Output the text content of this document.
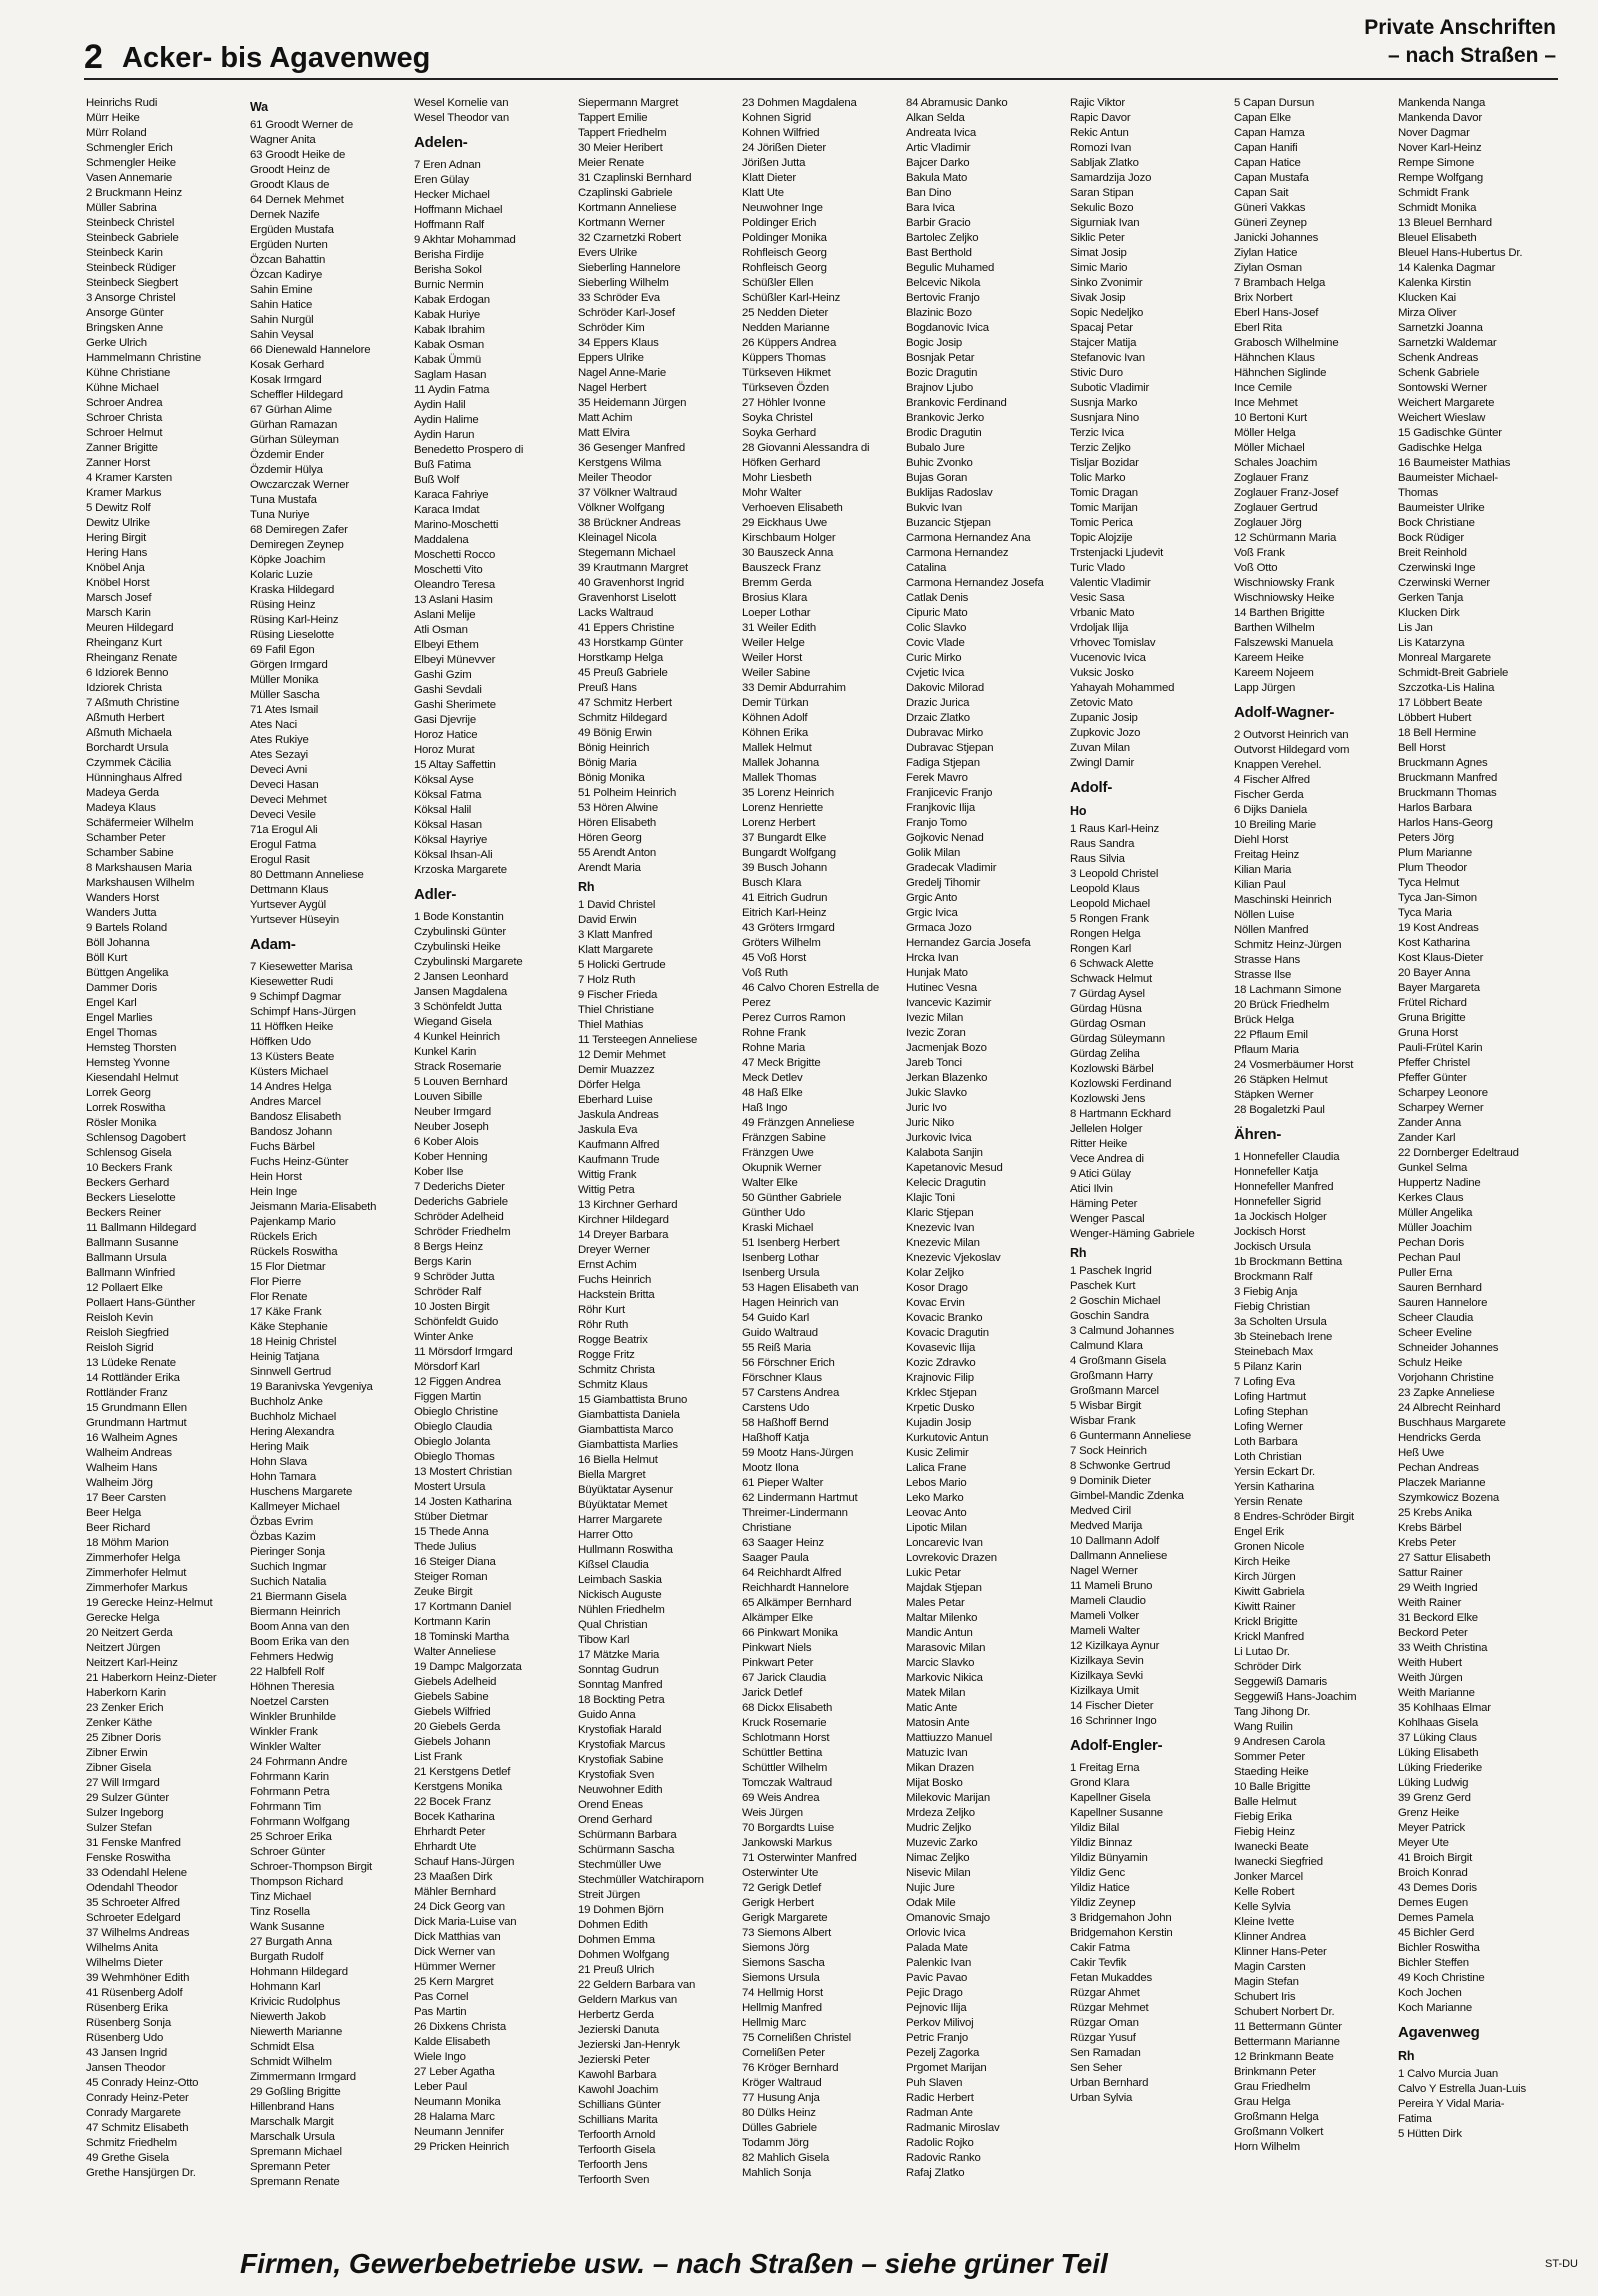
2 Acker- bis Agavenweg
Private Anschriften
– nach Straßen –
Heinrichs Rudi
Mürr Heike
Mürr Roland
Schmengler Erich
Schmengler Heike
Vasen Annemarie
2 Bruckmann Heinz
Müller Sabrina
Steinbeck Christel
Steinbeck Gabriele
Steinbeck Karin
Steinbeck Rüdiger
Steinbeck Siegbert
3 Ansorge Christel
Ansorge Günter
Bringsken Anne
Gerke Ulrich
Hammelmann Christine
Kühne Christiane
Kühne Michael
Schroer Andrea
Schroer Christa
Schroer Helmut
Zanner Brigitte
Zanner Horst
4 Kramer Karsten
Kramer Markus
5 Dewitz Rolf
Dewitz Ulrike
Hering Birgit
Hering Hans
Knöbel Anja
Knöbel Horst
Marsch Josef
Marsch Karin
Meuren Hildegard
Rheinganz Kurt
Rheinganz Renate
6 Idziorek Benno
Idziorek Christa
7 Aßmuth Christine
Aßmuth Herbert
Aßmuth Michaela
Borchardt Ursula
Czymmek Cäcilia
Hünninghaus Alfred
Madeya Gerda
Madeya Klaus
Schäfermeier Wilhelm
Schamber Peter
Schamber Sabine
8 Markshausen Maria
Markshausen Wilhelm
Wanders Horst
Wanders Jutta
9 Bartels Roland
Böll Johanna
Böll Kurt
Büttgen Angelika
Dammer Doris
Engel Karl
Engel Marlies
Engel Thomas
Hemsteg Thorsten
Hemsteg Yvonne
Kiesendahl Helmut
Lorrek Georg
Lorrek Roswitha
Rösler Monika
Schlensog Dagobert
Schlensog Gisela
10 Beckers Frank
Beckers Gerhard
Beckers Lieselotte
Beckers Reiner
11 Ballmann Hildegard
Ballmann Susanne
Ballmann Ursula
Ballmann Winfried
12 Pollaert Elke
Pollaert Hans-Günther
Reisloh Kevin
Reisloh Siegfried
Reisloh Sigrid
13 Lüdeke Renate
14 Rottländer Erika
Rottländer Franz
15 Grundmann Ellen
Grundmann Hartmut
16 Walheim Agnes
Walheim Andreas
Walheim Hans
Walheim Jörg
17 Beer Carsten
Beer Helga
Beer Richard
18 Möhm Marion
Zimmerhofer Helga
Zimmerhofer Helmut
Zimmerhofer Markus
19 Gerecke Heinz-Helmut
Gerecke Helga
20 Neitzert Gerda
Neitzert Jürgen
Neitzert Karl-Heinz
21 Haberkorn Heinz-Dieter
Haberkorn Karin
23 Zenker Erich
Zenker Käthe
25 Zibner Doris
Zibner Erwin
Zibner Gisela
27 Will Irmgard
29 Sulzer Günter
Sulzer Ingeborg
Sulzer Stefan
31 Fenske Manfred
Fenske Roswitha
33 Odendahl Helene
Odendahl Theodor
35 Schroeter Alfred
Schroeter Edelgard
37 Wilhelms Andreas
Wilhelms Anita
Wilhelms Dieter
39 Wehmhöner Edith
41 Rüsenberg Adolf
Rüsenberg Erika
Rüsenberg Sonja
Rüsenberg Udo
43 Jansen Ingrid
Jansen Theodor
45 Conrady Heinz-Otto
Conrady Heinz-Peter
Conrady Margarete
47 Schmitz Elisabeth
Schmitz Friedhelm
49 Grethe Gisela
Grethe Hansjürgen Dr.
Wa
61 Groodt Werner de
Wagner Anita
63 Groodt Heike de
Groodt Heinz de
Groodt Klaus de
64 Dernek Mehmet
Dernek Nazife
Ergüden Mustafa
Ergüden Nurten
Özcan Bahattin
Özcan Kadirye
Sahin Emine
Sahin Hatice
Sahin Nurgül
Sahin Veysal
66 Dienewald Hannelore
Kosak Gerhard
Kosak Irmgard
Scheffler Hildegard
67 Gürhan Alime
Gürhan Ramazan
Gürhan Süleyman
Özdemir Ender
Özdemir Hülya
Owczarczak Werner
Tuna Mustafa
Tuna Nuriye
68 Demiregen Zafer
Demiregen Zeynep
Köpke Joachim
Kolaric Luzie
Kraska Hildegard
Rüsing Heinz
Rüsing Karl-Heinz
Rüsing Lieselotte
69 Fafil Egon
Görgen Irmgard
Müller Monika
Müller Sascha
71 Ates Ismail
Ates Naci
Ates Rukiye
Ates Sezayi
Deveci Avni
Deveci Hasan
Deveci Mehmet
Deveci Vesile
71a Erogul Ali
Erogul Fatma
Erogul Rasit
80 Dettmann Anneliese
Dettmann Klaus
Yurtsever Aygül
Yurtsever Hüseyin
Adam-
7 Kiesewetter Marisa
Kiesewetter Rudi
9 Schimpf Dagmar
Schimpf Hans-Jürgen
11 Höffken Heike
Höffken Udo
13 Küsters Beate
Küsters Michael
14 Andres Helga
Andres Marcel
Bandosz Elisabeth
Bandosz Johann
Fuchs Bärbel
Fuchs Heinz-Günter
Hein Horst
Hein Inge
Jeismann Maria-Elisabeth
Pajenkamp Mario
Rückels Erich
Rückels Roswitha
15 Flor Dietmar
Flor Pierre
Flor Renate
17 Käke Frank
Käke Stephanie
18 Heinig Christel
Heinig Tatjana
Sinnwell Gertrud
19 Baranivska Yevgeniya
Buchholz Anke
Buchholz Michael
Hering Alexandra
Hering Maik
Hohn Slava
Hohn Tamara
Huschens Margarete
Kallmeyer Michael
Özbas Evrim
Özbas Kazim
Pieringer Sonja
Suchich Ingmar
Suchich Natalia
21 Biermann Gisela
Biermann Heinrich
Boom Anna van den
Boom Erika van den
Fehmers Hedwig
22 Halbfell Rolf
Höhnen Theresia
Noetzel Carsten
Winkler Brunhilde
Winkler Frank
Winkler Walter
24 Fohrmann Andre
Fohrmann Karin
Fohrmann Petra
Fohrmann Tim
Fohrmann Wolfgang
25 Schroer Erika
Schroer Günter
Schroer-Thompson Birgit
Thompson Richard
Tinz Michael
Tinz Rosella
Wank Susanne
27 Burgath Anna
Burgath Rudolf
Hohmann Hildegard
Hohmann Karl
Krivicic Rudolphus
Niewerth Jakob
Niewerth Marianne
Schmidt Elsa
Schmidt Wilhelm
Zimmermann Irmgard
29 Goßling Brigitte
Hillenbrand Hans
Marschalk Margit
Marschalk Ursula
Spremann Michael
Spremann Peter
Spremann Renate
Wesel Kornelie van
Wesel Theodor van
Adelen-
7 Eren Adnan
Eren Gülay
Hecker Michael
Hoffmann Michael
Hoffmann Ralf
9 Akhtar Mohammad
Berisha Firdije
Berisha Sokol
Burnic Nermin
Kabak Erdogan
Kabak Huriye
Kabak Ibrahim
Kabak Osman
Kabak Ümmü
Saglam Hasan
11 Aydin Fatma
Aydin Halil
Aydin Halime
Aydin Harun
Benedetto Prospero di
Buß Fatima
Buß Wolf
Karaca Fahriye
Karaca Imdat
Marino-Moschetti
Maddalena
Moschetti Rocco
Moschetti Vito
Oleandro Teresa
13 Aslani Hasim
Aslani Melije
Atli Osman
Elbeyi Ethem
Elbeyi Münevver
Gashi Gzim
Gashi Sevdali
Gashi Sherimete
Gasi Djevrije
Horoz Hatice
Horoz Murat
15 Altay Saffettin
Köksal Ayse
Köksal Fatma
Köksal Halil
Köksal Hasan
Köksal Hayriye
Köksal Ihsan-Ali
Krzoska Margarete
Adler-
1 Bode Konstantin
Czybulinski Günter
Czybulinski Heike
Czybulinski Margarete
2 Jansen Leonhard
Jansen Magdalena
3 Schönfeldt Jutta
Wiegand Gisela
4 Kunkel Heinrich
Kunkel Karin
Strack Rosemarie
5 Louven Bernhard
Louven Sibille
Neuber Irmgard
Neuber Joseph
6 Kober Alois
Kober Henning
Kober Ilse
7 Dederichs Dieter
Dederichs Gabriele
Schröder Adelheid
Schröder Friedhelm
8 Bergs Heinz
Bergs Karin
9 Schröder Jutta
Schröder Ralf
10 Josten Birgit
Schönfeldt Guido
Winter Anke
11 Mörsdorf Irmgard
Mörsdorf Karl
12 Figgen Andrea
Figgen Martin
Obieglo Christine
Obieglo Claudia
Obieglo Jolanta
Obieglo Thomas
13 Mostert Christian
Mostert Ursula
14 Josten Katharina
Stüber Dietmar
15 Thede Anna
Thede Julius
16 Steiger Diana
Steiger Roman
Zeuke Birgit
17 Kortmann Daniel
Kortmann Karin
18 Tominski Martha
Walter Anneliese
19 Dampc Malgorzata
Giebels Adelheid
Giebels Sabine
Giebels Wilfried
20 Giebels Gerda
Giebels Johann
List Frank
21 Kerstgens Detlef
Kerstgens Monika
22 Bocek Franz
Bocek Katharina
Ehrhardt Peter
Ehrhardt Ute
Schauf Hans-Jürgen
23 Maaßen Dirk
Mähler Bernhard
24 Dick Georg van
Dick Maria-Luise van
Dick Matthias van
Dick Werner van
Hümmer Werner
25 Kern Margret
Pas Cornel
Pas Martin
26 Dixkens Christa
Kalde Elisabeth
Wiele Ingo
27 Leber Agatha
Leber Paul
Neumann Monika
28 Halama Marc
Neumann Jennifer
29 Pricken Heinrich
Siepermann Margret
Tappert Emilie
Tappert Friedhelm
30 Meier Heribert
Meier Renate
31 Czaplinski Bernhard
Czaplinski Gabriele
Kortmann Anneliese
Kortmann Werner
32 Czarnetzki Robert
Evers Ulrike
Sieberling Hannelore
Sieberling Wilhelm
33 Schröder Eva
Schröder Karl-Josef
Schröder Kim
34 Eppers Klaus
Eppers Ulrike
Nagel Anne-Marie
Nagel Herbert
35 Heidemann Jürgen
Matt Achim
Matt Elvira
36 Gesenger Manfred
Kerstgens Wilma
Meiler Theodor
37 Völkner Waltraud
Völkner Wolfgang
38 Brückner Andreas
Kleinagel Nicola
Stegemann Michael
39 Krautmann Margret
40 Gravenhorst Ingrid
Gravenhorst Liselott
Lacks Waltraud
41 Eppers Christine
43 Horstkamp Günter
Horstkamp Helga
45 Preuß Gabriele
Preuß Hans
47 Schmitz Herbert
Schmitz Hildegard
49 Bönig Erwin
Bönig Heinrich
Bönig Maria
Bönig Monika
51 Polheim Heinrich
53 Hören Alwine
Hören Elisabeth
Hören Georg
55 Arendt Anton
Arendt Maria
Rh
1 David Christel
David Erwin
3 Klatt Manfred
Klatt Margarete
5 Holicki Gertrude
7 Holz Ruth
9 Fischer Frieda
Thiel Christiane
Thiel Mathias
11 Tersteegen Anneliese
12 Demir Mehmet
Demir Muazzez
Dörfer Helga
Eberhard Luise
Jaskula Andreas
Jaskula Eva
Kaufmann Alfred
Kaufmann Trude
Wittig Frank
Wittig Petra
13 Kirchner Gerhard
Kirchner Hildegard
14 Dreyer Barbara
Dreyer Werner
Ernst Achim
Fuchs Heinrich
Hackstein Britta
Röhr Kurt
Röhr Ruth
Rogge Beatrix
Rogge Fritz
Schmitz Christa
Schmitz Klaus
15 Giambattista Bruno
Giambattista Daniela
Giambattista Marco
Giambattista Marlies
16 Biella Helmut
Biella Margret
Büyüktatar Aysenur
Büyüktatar Memet
Harrer Margarete
Harrer Otto
Hullmann Roswitha
Kißsel Claudia
Leimbach Saskia
Nickisch Auguste
Nühlen Friedhelm
Qual Christian
Tibow Karl
17 Mätzke Maria
Sonntag Gudrun
Sonntag Manfred
18 Bockting Petra
Guido Anna
Krystofiak Harald
Krystofiak Marcus
Krystofiak Sabine
Krystofiak Sven
Neuwohner Edith
Orend Eneas
Orend Gerhard
Schürmann Barbara
Schürmann Sascha
Stechmüller Uwe
Stechmüller Watchiraporn
Streit Jürgen
19 Dohmen Björn
Dohmen Edith
Dohmen Emma
Dohmen Wolfgang
21 Preuß Ulrich
22 Geldern Barbara van
Geldern Markus van
Herbertz Gerda
Jezierski Danuta
Jezierski Jan-Henryk
Jezierski Peter
Kawohl Barbara
Kawohl Joachim
Schillians Günter
Schillians Marita
Terfoorth Arnold
Terfoorth Gisela
Terfoorth Jens
Terfoorth Sven
23 Dohmen Magdalena
Kohnen Sigrid
Kohnen Wilfried
24 Jörißen Dieter
Jörißen Jutta
Klatt Dieter
Klatt Ute
Neuwohner Inge
Poldinger Erich
Poldinger Monika
Rohfleisch Georg
Rohfleisch Georg
Schüßler Ellen
Schüßler Karl-Heinz
25 Nedden Dieter
Nedden Marianne
26 Küppers Andrea
Küppers Thomas
Türkseven Hikmet
Türkseven Özden
27 Höhler Ivonne
Soyka Christel
Soyka Gerhard
28 Giovanni Alessandra di
Höfken Gerhard
Mohr Liesbeth
Mohr Walter
Verhoeven Elisabeth
29 Eickhaus Uwe
Kirschbaum Holger
30 Bauszeck Anna
Bauszeck Franz
Bremm Gerda
Brosius Klara
Loeper Lothar
31 Weiler Edith
Weiler Helge
Weiler Horst
Weiler Sabine
33 Demir Abdurrahim
Demir Türkan
Köhnen Adolf
Köhnen Erika
Mallek Helmut
Mallek Johanna
Mallek Thomas
35 Lorenz Heinrich
Lorenz Henriette
Lorenz Herbert
37 Bungardt Elke
Bungardt Wolfgang
39 Busch Johann
Busch Klara
41 Eitrich Gudrun
Eitrich Karl-Heinz
43 Gröters Irmgard
Gröters Wilhelm
45 Voß Horst
Voß Ruth
46 Calvo Choren Estrella de
Perez
Perez Curros Ramon
Rohne Frank
Rohne Maria
47 Meck Brigitte
Meck Detlev
48 Haß Elke
Haß Ingo
49 Fränzgen Anneliese
Fränzgen Sabine
Fränzgen Uwe
Okupnik Werner
Walter Elke
50 Günther Gabriele
Günther Udo
Kraski Michael
51 Isenberg Herbert
Isenberg Lothar
Isenberg Ursula
53 Hagen Elisabeth van
Hagen Heinrich van
54 Guido Karl
Guido Waltraud
55 Reiß Maria
56 Förschner Erich
Förschner Klaus
57 Carstens Andrea
Carstens Udo
58 Haßhoff Bernd
Haßhoff Katja
59 Mootz Hans-Jürgen
Mootz Ilona
61 Pieper Walter
62 Lindermann Hartmut
Threimer-Lindermann
Christiane
63 Saager Heinz
Saager Paula
64 Reichhardt Alfred
Reichhardt Hannelore
65 Alkämper Bernhard
Alkämper Elke
66 Pinkwart Monika
Pinkwart Niels
Pinkwart Peter
67 Jarick Claudia
Jarick Detlef
68 Dickx Elisabeth
Kruck Rosemarie
Schlotmann Horst
Schüttler Bettina
Schüttler Wilhelm
Tomczak Waltraud
69 Weis Andrea
Weis Jürgen
70 Borgardts Luise
Jankowski Markus
71 Osterwinter Manfred
Osterwinter Ute
72 Gerigk Detlef
Gerigk Herbert
Gerigk Margarete
73 Siemons Albert
Siemons Jörg
Siemons Sascha
Siemons Ursula
74 Hellmig Horst
Hellmig Manfred
Hellmig Marc
75 Cornelißen Christel
Cornelißen Peter
76 Kröger Bernhard
Kröger Waltraud
77 Husung Anja
80 Dülks Heinz
Dülles Gabriele
Todamm Jörg
82 Mahlich Gisela
Mahlich Sonja
84 Abramusic Danko
Alkan Selda
Andreata Ivica
Artic Vladimir
Bajcer Darko
Bakula Mato
Ban Dino
Bara Ivica
Barbir Gracio
Bartolec Zeljko
Bast Berthold
Begulic Muhamed
Belcevic Nikola
Bertovic Franjo
Blazinic Bozo
Bogdanovic Ivica
Bogic Josip
Bosnjak Petar
Bozic Dragutin
Brajnov Ljubo
Brankovic Ferdinand
Brankovic Jerko
Brodic Dragutin
Bubalo Jure
Buhic Zvonko
Bujas Goran
Buklijas Radoslav
Bukvic Ivan
Buzancic Stjepan
Carmona Hernandez Ana
Carmona Hernandez
Catalina
Carmona Hernandez Josefa
Catlak Denis
Cipuric Mato
Colic Slavko
Covic Vlade
Curic Mirko
Cvjetic Ivica
Dakovic Milorad
Drazic Jurica
Drzaic Zlatko
Dubravac Mirko
Dubravac Stjepan
Fadiga Stjepan
Ferek Mavro
Franjicevic Franjo
Franjkovic Ilija
Franjo Tomo
Gojkovic Nenad
Golik Milan
Gradecak Vladimir
Gredelj Tihomir
Grgic Anto
Grgic Ivica
Grmaca Jozo
Hernandez Garcia Josefa
Hrcka Ivan
Hunjak Mato
Hutinec Vesna
Ivancevic Kazimir
Ivezic Milan
Ivezic Zoran
Jacmenjak Bozo
Jareb Tonci
Jerkan Blazenko
Jukic Slavko
Juric Ivo
Juric Niko
Jurkovic Ivica
Kalabota Sanjin
Kapetanovic Mesud
Kelecic Dragutin
Klajic Toni
Klaric Stjepan
Knezevic Ivan
Knezevic Milan
Knezevic Vjekoslav
Kolar Zeljko
Kosor Drago
Kovac Ervin
Kovacic Branko
Kovacic Dragutin
Kovasevic Ilija
Kozic Zdravko
Krajnovic Filip
Krklec Stjepan
Krpetic Dusko
Kujadin Josip
Kurkutovic Antun
Kusic Zelimir
Lalica Frane
Lebos Mario
Leko Marko
Leovac Anto
Lipotic Milan
Loncarevic Ivan
Lovrekovic Drazen
Lukic Petar
Majdak Stjepan
Males Petar
Maltar Milenko
Mandic Antun
Marasovic Milan
Marcic Slavko
Markovic Nikica
Matek Milan
Matic Ante
Matosin Ante
Mattiuzzo Manuel
Matuzic Ivan
Mikan Drazen
Mijat Bosko
Milekovic Marijan
Mrdeza Zeljko
Mudric Zeljko
Muzevic Zarko
Nimac Zeljko
Nisevic Milan
Nujic Jure
Odak Mile
Omanovic Smajo
Orlovic Ivica
Palada Mate
Palenkic Ivan
Pavic Pavao
Pejic Drago
Pejnovic Ilija
Perkov Milivoj
Petric Franjo
Pezelj Zagorka
Prgomet Marijan
Puh Slaven
Radic Herbert
Radman Ante
Radmanic Miroslav
Radolic Rojko
Radovic Ranko
Rafaj Zlatko
Rajic Viktor
Rapic Davor
Rekic Antun
Romozi Ivan
Sabljak Zlatko
Samardzija Jozo
Saran Stipan
Sekulic Bozo
Sigurniak Ivan
Siklic Peter
Simat Josip
Simic Mario
Sinko Zvonimir
Sivak Josip
Sopic Nedeljko
Spacaj Petar
Stajcer Matija
Stefanovic Ivan
Stivic Duro
Subotic Vladimir
Susnja Marko
Susnjara Nino
Terzic Ivica
Terzic Zeljko
Tisljar Bozidar
Tolic Marko
Tomic Dragan
Tomic Marijan
Tomic Perica
Topic Alojzije
Trstenjacki Ljudevit
Turic Vlado
Valentic Vladimir
Vesic Sasa
Vrbanic Mato
Vrdoljak Ilija
Vrhovec Tomislav
Vucenovic Ivica
Vuksic Josko
Yahayah Mohammed
Zetovic Mato
Zupanic Josip
Zupkovic Jozo
Zuvan Milan
Zwingl Damir
Adolf-
Ho
1 Raus Karl-Heinz
Raus Sandra
Raus Silvia
3 Leopold Christel
Leopold Klaus
Leopold Michael
5 Rongen Frank
Rongen Helga
Rongen Karl
6 Schwack Alette
Schwack Helmut
7 Gürdag Aysel
Gürdag Hüsna
Gürdag Osman
Gürdag Süleymann
Gürdag Zeliha
Kozlowski Bärbel
Kozlowski Ferdinand
Kozlowski Jens
8 Hartmann Eckhard
Jellelen Holger
Ritter Heike
Vece Andrea di
9 Atici Gülay
Atici Ilvin
Häming Peter
Wenger Pascal
Wenger-Häming Gabriele
Rh
1 Paschek Ingrid
Paschek Kurt
2 Goschin Michael
Goschin Sandra
3 Calmund Johannes
Calmund Klara
4 Großmann Gisela
Großmann Harry
Großmann Marcel
5 Wisbar Birgit
Wisbar Frank
6 Guntermann Anneliese
7 Sock Heinrich
8 Schwonke Gertrud
9 Dominik Dieter
Gimbel-Mandic Zdenka
Medved Ciril
Medved Marija
10 Dallmann Adolf
Dallmann Anneliese
Nagel Werner
11 Mameli Bruno
Mameli Claudio
Mameli Volker
Mameli Walter
12 Kizilkaya Aynur
Kizilkaya Sevin
Kizilkaya Sevki
Kizilkaya Umit
14 Fischer Dieter
16 Schrinner Ingo
Adolf-Engler-
1 Freitag Erna
Grond Klara
Kapellner Gisela
Kapellner Susanne
Yildiz Bilal
Yildiz Binnaz
Yildiz Bünyamin
Yildiz Genc
Yildiz Hatice
Yildiz Zeynep
3 Bridgemahon John
Bridgemahon Kerstin
Cakir Fatma
Cakir Tevfik
Fetan Mukaddes
Rüzgar Ahmet
Rüzgar Mehmet
Rüzgar Oman
Rüzgar Yusuf
Sen Ramadan
Sen Seher
Urban Bernhard
Urban Sylvia
5 Capan Dursun
Capan Elke
Capan Hamza
Capan Hanifi
Capan Hatice
Capan Mustafa
Capan Sait
Güneri Vakkas
Güneri Zeynep
Janicki Johannes
Ziylan Hatice
Ziylan Osman
7 Brambach Helga
Brix Norbert
Eberl Hans-Josef
Eberl Rita
Grabosch Wilhelmine
Hähnchen Klaus
Hähnchen Siglinde
Ince Cemile
Ince Mehmet
10 Bertoni Kurt
Möller Helga
Möller Michael
Schales Joachim
Zoglauer Franz
Zoglauer Franz-Josef
Zoglauer Gertrud
Zoglauer Jörg
12 Schürmann Maria
Voß Frank
Voß Otto
Wischniowsky Frank
Wischniowsky Heike
14 Barthen Brigitte
Barthen Wilhelm
Falszewski Manuela
Kareem Heike
Kareem Nojeem
Lapp Jürgen
Adolf-Wagner-
2 Outvorst Heinrich van
Outvorst Hildegard vom
Knappen Verehel.
4 Fischer Alfred
Fischer Gerda
6 Dijks Daniela
10 Breiling Marie
Diehl Horst
Freitag Heinz
Kilian Maria
Kilian Paul
Maschinski Heinrich
Nöllen Luise
Nöllen Manfred
Schmitz Heinz-Jürgen
Strasse Hans
Strasse Ilse
18 Lachmann Simone
20 Brück Friedhelm
Brück Helga
22 Pflaum Emil
Pflaum Maria
24 Vosmerbäumer Horst
26 Stäpken Helmut
Stäpken Werner
28 Bogaletzki Paul
Ähren-
1 Honnefeller Claudia
Honnefeller Katja
Honnefeller Manfred
Honnefeller Sigrid
1a Jockisch Holger
Jockisch Horst
Jockisch Ursula
1b Brockmann Bettina
Brockmann Ralf
3 Fiebig Anja
Fiebig Christian
3a Scholten Ursula
3b Steinebach Irene
Steinebach Max
5 Pilanz Karin
7 Lofing Eva
Lofing Hartmut
Lofing Stephan
Lofing Werner
Loth Barbara
Loth Christian
Yersin Eckart Dr.
Yersin Katharina
Yersin Renate
8 Endres-Schröder Birgit
Engel Erik
Gronen Nicole
Kirch Heike
Kirch Jürgen
Kiwitt Gabriela
Kiwitt Rainer
Krickl Brigitte
Krickl Manfred
Li Lutao Dr.
Schröder Dirk
Seggewiß Damaris
Seggewiß Hans-Joachim
Tang Jihong Dr.
Wang Ruilin
9 Andresen Carola
Sommer Peter
Staeding Heike
10 Balle Brigitte
Balle Helmut
Fiebig Erika
Fiebig Heinz
Iwanecki Beate
Iwanecki Siegfried
Jonker Marcel
Kelle Robert
Kelle Sylvia
Kleine Ivette
Klinner Andrea
Klinner Hans-Peter
Magin Carsten
Magin Stefan
Schubert Iris
Schubert Norbert Dr.
11 Bettermann Günter
Bettermann Marianne
12 Brinkmann Beate
Brinkmann Peter
Grau Friedhelm
Grau Helga
Großmann Helga
Großmann Volkert
Horn Wilhelm
Mankenda Nanga
Mankenda Davor
Nover Dagmar
Nover Karl-Heinz
Rempe Simone
Rempe Wolfgang
Schmidt Frank
Schmidt Monika
13 Bleuel Bernhard
Bleuel Elisabeth
Bleuel Hans-Hubertus Dr.
14 Kalenka Dagmar
Kalenka Kirstin
Klucken Kai
Mirza Oliver
Sarnetzki Joanna
Sarnetzki Waldemar
Schenk Andreas
Schenk Gabriele
Sontowski Werner
Weichert Margarete
Weichert Wieslaw
15 Gadischke Günter
Gadischke Helga
16 Baumeister Mathias
Baumeister Michael-
Thomas
Baumeister Ulrike
Bock Christiane
Bock Rüdiger
Breit Reinhold
Czerwinski Inge
Czerwinski Werner
Gerken Tanja
Klucken Dirk
Lis Jan
Lis Katarzyna
Monreal Margarete
Schmidt-Breit Gabriele
Szczotka-Lis Halina
17 Löbbert Beate
Löbbert Hubert
18 Bell Hermine
Bell Horst
Bruckmann Agnes
Bruckmann Manfred
Bruckmann Thomas
Harlos Barbara
Harlos Hans-Georg
Peters Jörg
Plum Marianne
Plum Theodor
Tyca Helmut
Tyca Jan-Simon
Tyca Maria
19 Kost Andreas
Kost Katharina
Kost Klaus-Dieter
20 Bayer Anna
Bayer Margareta
Frütel Richard
Gruna Brigitte
Gruna Horst
Pauli-Frütel Karin
Pfeffer Christel
Pfeffer Günter
Scharpey Leonore
Scharpey Werner
Zander Anna
Zander Karl
22 Dornberger Edeltraud
Gunkel Selma
Huppertz Nadine
Kerkes Claus
Müller Angelika
Müller Joachim
Pechan Doris
Pechan Paul
Puller Erna
Sauren Bernhard
Sauren Hannelore
Scheer Claudia
Scheer Eveline
Schneider Johannes
Schulz Heike
Vorjohann Christine
23 Zapke Anneliese
24 Albrecht Reinhard
Buschhaus Margarete
Hendricks Gerda
Heß Uwe
Pechan Andreas
Placzek Marianne
Szymkowicz Bozena
25 Krebs Anika
Krebs Bärbel
Krebs Peter
27 Sattur Elisabeth
Sattur Rainer
29 Weith Ingried
Weith Rainer
31 Beckord Elke
Beckord Peter
33 Weith Christina
Weith Hubert
Weith Jürgen
Weith Marianne
35 Kohlhaas Elmar
Kohlhaas Gisela
37 Lüking Claus
Lüking Elisabeth
Lüking Friederike
Lüking Ludwig
39 Grenz Gerd
Grenz Heike
Meyer Patrick
Meyer Ute
41 Broich Birgit
Broich Konrad
43 Demes Doris
Demes Eugen
Demes Pamela
45 Bichler Gerd
Bichler Roswitha
Bichler Steffen
49 Koch Christine
Koch Jochen
Koch Marianne
Agavenweg
Rh
1 Calvo Murcia Juan
Calvo Y Estrella Juan-Luis
Pereira Y Vidal Maria-
Fatima
5 Hütten Dirk
Firmen, Gewerbebetriebe usw. – nach Straßen – siehe grüner Teil	ST-DU
